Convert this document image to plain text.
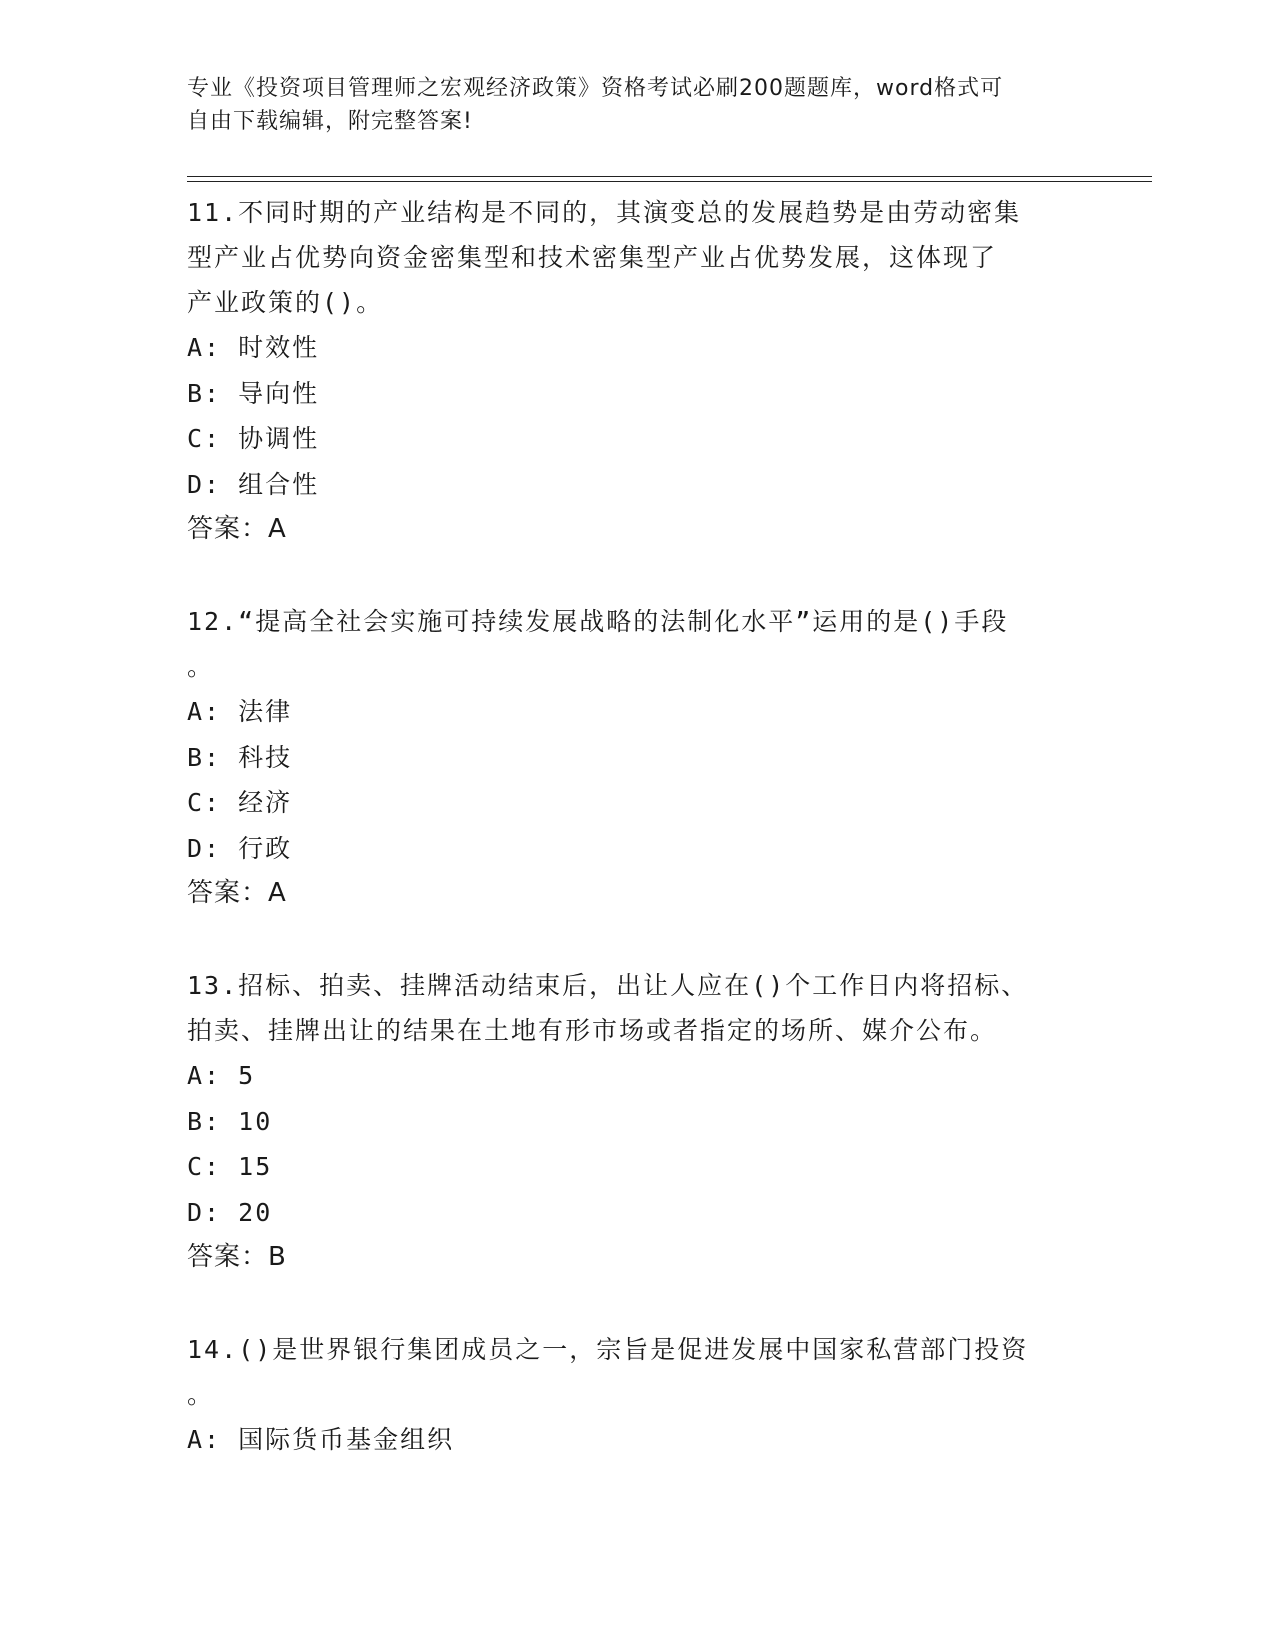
专业《投资项目管理师之宏观经济政策》资格考试必刷200题题库，word格式可
自由下载编辑，附完整答案!
11.不同时期的产业结构是不同的，其演变总的发展趋势是由劳动密集
型产业占优势向资金密集型和技术密集型产业占优势发展，这体现了
产业政策的()。
A: 时效性
B: 导向性
C: 协调性
D: 组合性
答案：A
12.“提高全社会实施可持续发展战略的法制化水平”运用的是()手段
。
A: 法律
B: 科技
C: 经济
D: 行政
答案：A
13.招标、拍卖、挂牌活动结束后，出让人应在()个工作日内将招标、
拍卖、挂牌出让的结果在土地有形市场或者指定的场所、媒介公布。
A: 5
B: 10
C: 15
D: 20
答案：B
14.()是世界银行集团成员之一，宗旨是促进发展中国家私营部门投资
。
A: 国际货币基金组织
